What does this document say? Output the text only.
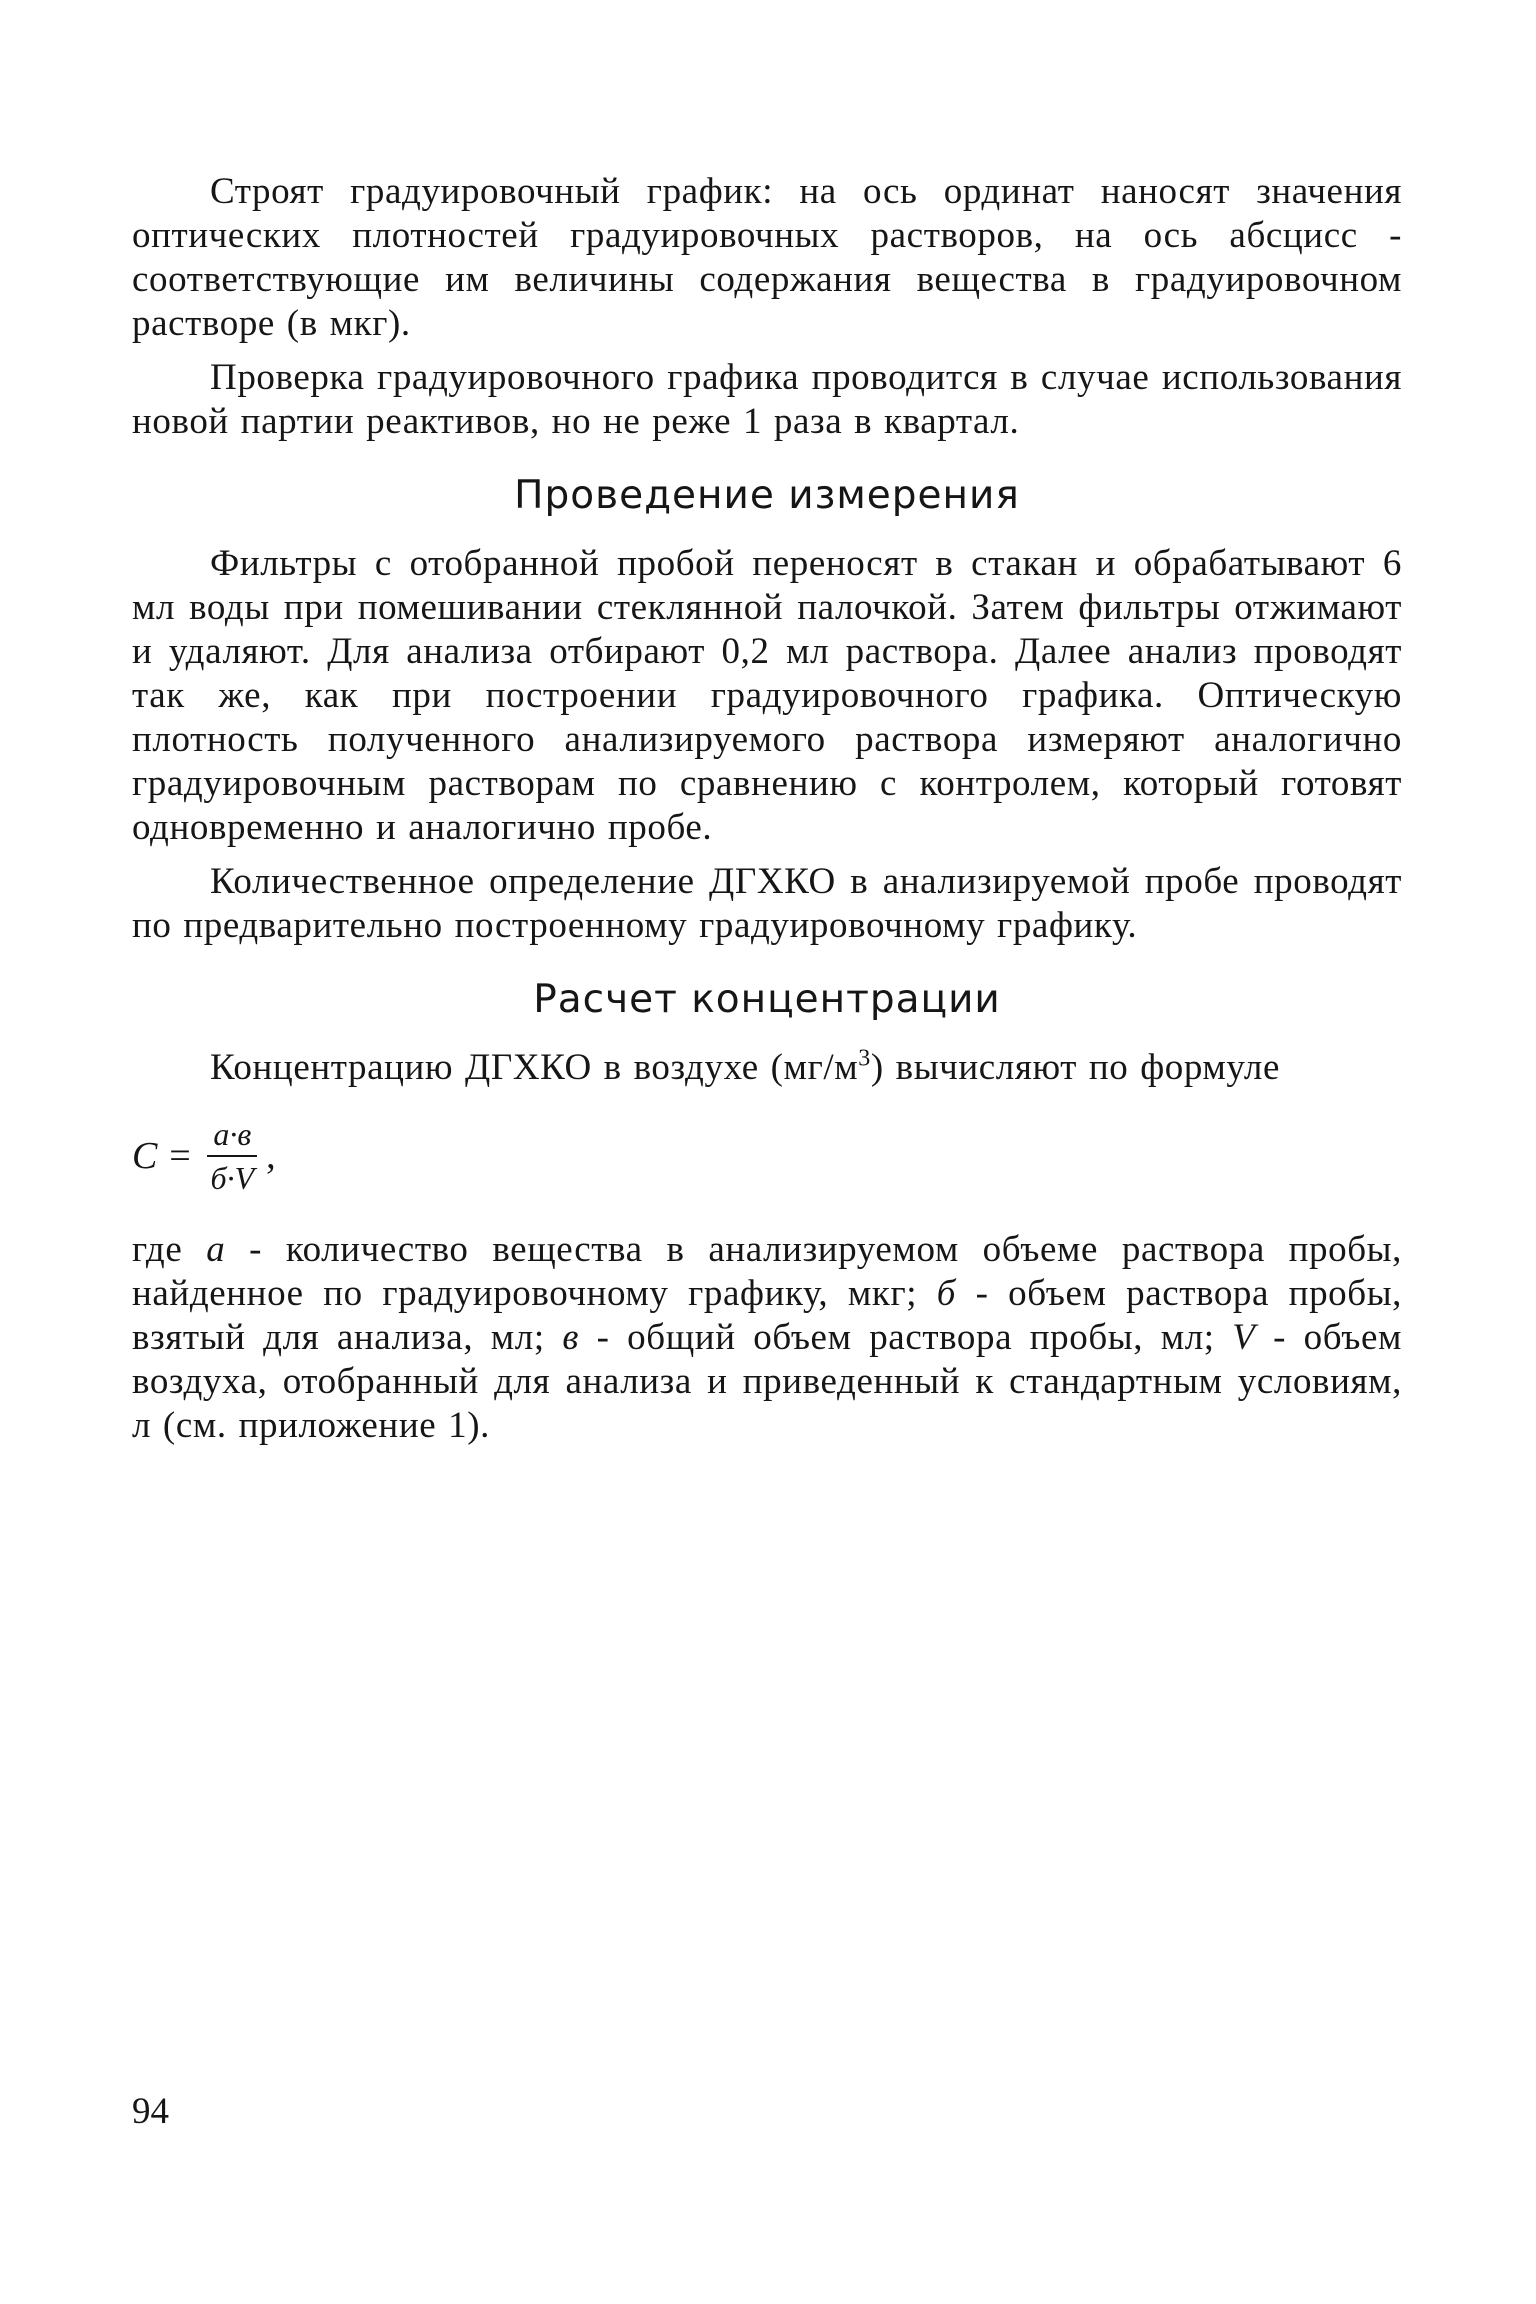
Строят градуировочный график: на ось ординат наносят значения оптических плотностей градуировочных растворов, на ось абсцисс - соответствующие им величины содержания вещества в градуировочном растворе (в мкг).

Проверка градуировочного графика проводится в случае использования новой партии реактивов, но не реже 1 раза в квартал.

Проведение измерения

Фильтры с отобранной пробой переносят в стакан и обрабатывают 6 мл воды при помешивании стеклянной палочкой. Затем фильтры отжимают и удаляют. Для анализа отбирают 0,2 мл раствора. Далее анализ проводят так же, как при построении градуировочного графика. Оптическую плотность полученного анализируемого раствора измеряют аналогично градуировочным растворам по сравнению с контролем, который готовят одновременно и аналогично пробе.

Количественное определение ДГХКО в анализируемой пробе проводят по предварительно построенному градуировочному графику.

Расчет концентрации

Концентрацию ДГХКО в воздухе $(мг/м^3)$ вычисляют по формуле

$C = \frac{a\cdot в}{б\cdot V}$ ,

где a - количество вещества в анализируемом объеме раствора пробы, найденное по градуировочному графику, мкг; б - объем раствора пробы, взятый для анализа, мл; в - общий объем раствора пробы, мл; V - объем воздуха, отобранный для анализа и приведенный к стандартным условиям, л (см. приложение 1).

94
